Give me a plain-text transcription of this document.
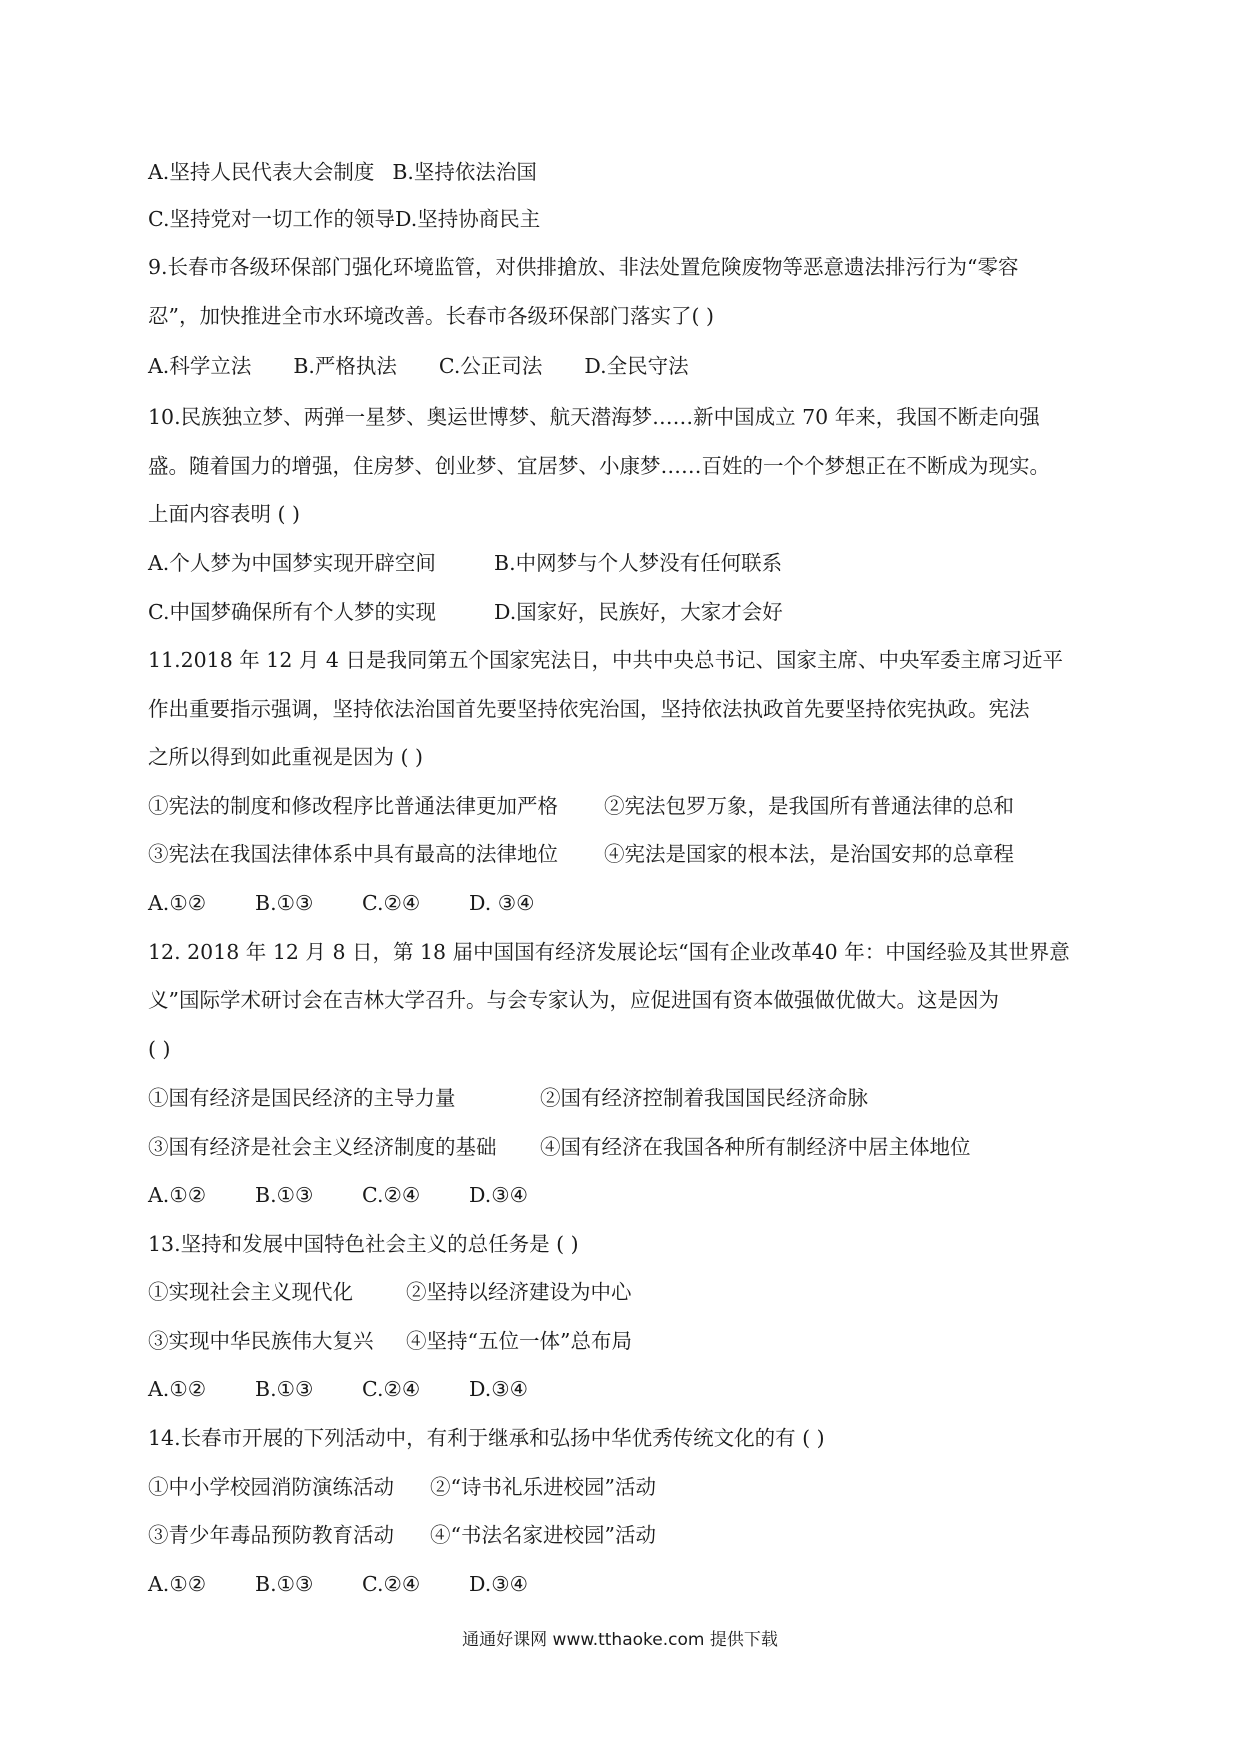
A.坚持人民代表大会制度 B.坚持依法治国
C.坚持党对一切工作的领导D.坚持协商民主
9.长春市各级环保部门强化环境监管，对供排搶放、非法处置危険废物等恶意遗法排污行为“零容
忍”，加快推进全市水环境改善。长春市各级环保部门落实了( )
A.科学立法 B.严格执法 C.公正司法 D.全民守法
10.民族独立梦、两弹一星梦、奥运世博梦、航天潜海梦……新中国成立 70 年来，我国不断走向强
盛。随着国力的增强，住房梦、创业梦、宜居梦、小康梦……百姓的一个个梦想正在不断成为现实。
上面内容表明 ( )
A.个人梦为中国梦实现开辟空间	B.中网梦与个人梦没有任何联系
C.中国梦确保所有个人梦的实现	D.国家好，民族好，大家才会好
11.2018 年 12 月 4 日是我同第五个国家宪法日，中共中央总书记、国家主席、中央军委主席习近平
作出重要指示强调，坚持依法治国首先要坚持依宪治国，坚持依法执政首先要坚持依宪执政。宪法
之所以得到如此重视是因为 ( )
①宪法的制度和修改程序比普通法律更加严格 ②宪法包罗万象，是我国所有普通法律的总和
③宪法在我国法律体系中具有最高的法律地位 ④宪法是国家的根本法，是治国安邦的总章程
A.①② B.①③ C.②④ D. ③④
12. 2018 年 12 月 8 日，第 18 届中国国有经济发展论坛“国有企业改革40 年：中国经验及其世界意
义”国际学术研讨会在吉林大学召升。与会专家认为，应促进国有资本做强做优做大。这是因为
( )
①国有经济是国民经济的主导力量	②国有经济控制着我国国民经济命脉
③国有经济是社会主义经济制度的基础 ④国有经济在我国各种所有制经济中居主体地位
A.①② B.①③ C.②④ D.③④
13.坚持和发展中国特色社会主义的总任务是 ( )
①实现社会主义现代化	②坚持以经济建设为中心
③实现中华民族伟大复兴 ④坚持“五位一体”总布局
A.①② B.①③ C.②④ D.③④
14.长春市开展的下列活动中，有利于继承和弘扬中华优秀传统文化的有 ( )
①中小学校园消防演练活动 ②“诗书礼乐进校园”活动
③青少年毒品预防教育活动 ④“书法名家进校园”活动
A.①② B.①③ C.②④ D.③④
通通好课网 www.tthaoke.com 提供下载
